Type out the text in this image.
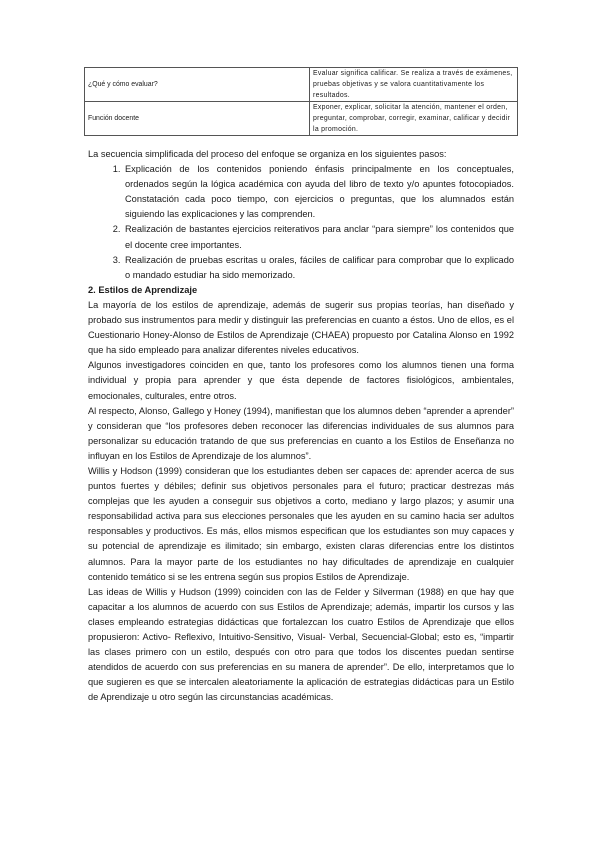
¿Qué y cómo evaluar?	Evaluar significa calificar. Se realiza a través de exámenes, pruebas objetivas y se valora cuantitativamente los resultados.
Función docente	Exponer, explicar, solicitar la atención, mantener el orden, preguntar, comprobar, corregir, examinar, calificar y decidir la promoción.

La secuencia simplificada del proceso del enfoque se organiza en los siguientes pasos:

1. Explicación de los contenidos poniendo énfasis principalmente en los conceptuales, ordenados según la lógica académica con ayuda del libro de texto y/o apuntes fotocopiados. Constatación cada poco tiempo, con ejercicios o preguntas, que los alumnados están siguiendo las explicaciones y las comprenden.
2. Realización de bastantes ejercicios reiterativos para anclar “para siempre” los contenidos que el docente cree importantes.
3. Realización de pruebas escritas u orales, fáciles de calificar para comprobar que lo explicado o mandado estudiar ha sido memorizado.
2. Estilos de Aprendizaje

La mayoría de los estilos de aprendizaje, además de sugerir sus propias teorías, han diseñado y probado sus instrumentos para medir y distinguir las preferencias en cuanto a éstos. Uno de ellos, es el Cuestionario Honey-Alonso de Estilos de Aprendizaje (CHAEA) propuesto por Catalina Alonso en 1992 que ha sido empleado para analizar diferentes niveles educativos.

Algunos investigadores coinciden en que, tanto los profesores como los alumnos tienen una forma individual y propia para aprender y que ésta depende de factores fisiológicos, ambientales, emocionales, culturales, entre otros.

Al respecto, Alonso, Gallego y Honey (1994), manifiestan que los alumnos deben “aprender a aprender” y consideran que “los profesores deben reconocer las diferencias individuales de sus alumnos para personalizar su educación tratando de que sus preferencias en cuanto a los Estilos de Enseñanza no influyan en los Estilos de Aprendizaje de los alumnos”.

Willis y Hodson (1999) consideran que los estudiantes deben ser capaces de: aprender acerca de sus puntos fuertes y débiles; definir sus objetivos personales para el futuro; practicar destrezas más complejas que les ayuden a conseguir sus objetivos a corto, mediano y largo plazos; y asumir una responsabilidad activa para sus elecciones personales que les ayuden en su camino hacia ser adultos responsables y productivos. Es más, ellos mismos especifican que los estudiantes son muy capaces y su potencial de aprendizaje es ilimitado; sin embargo, existen claras diferencias entre los distintos alumnos. Para la mayor parte de los estudiantes no hay dificultades de aprendizaje en cualquier contenido temático si se les entrena según sus propios Estilos de Aprendizaje.

Las ideas de Willis y Hudson (1999) coinciden con las de Felder y Silverman (1988) en que hay que capacitar a los alumnos de acuerdo con sus Estilos de Aprendizaje; además, impartir los cursos y las clases empleando estrategias didácticas que fortalezcan los cuatro Estilos de Aprendizaje que ellos propusieron: Activo- Reflexivo, Intuitivo-Sensitivo, Visual- Verbal, Secuencial-Global; esto es, “impartir las clases primero con un estilo, después con otro para que todos los discentes puedan sentirse atendidos de acuerdo con sus preferencias en su manera de aprender”. De ello, interpretamos que lo que sugieren es que se intercalen aleatoriamente la aplicación de estrategias didácticas para un Estilo de Aprendizaje u otro según las circunstancias académicas.
